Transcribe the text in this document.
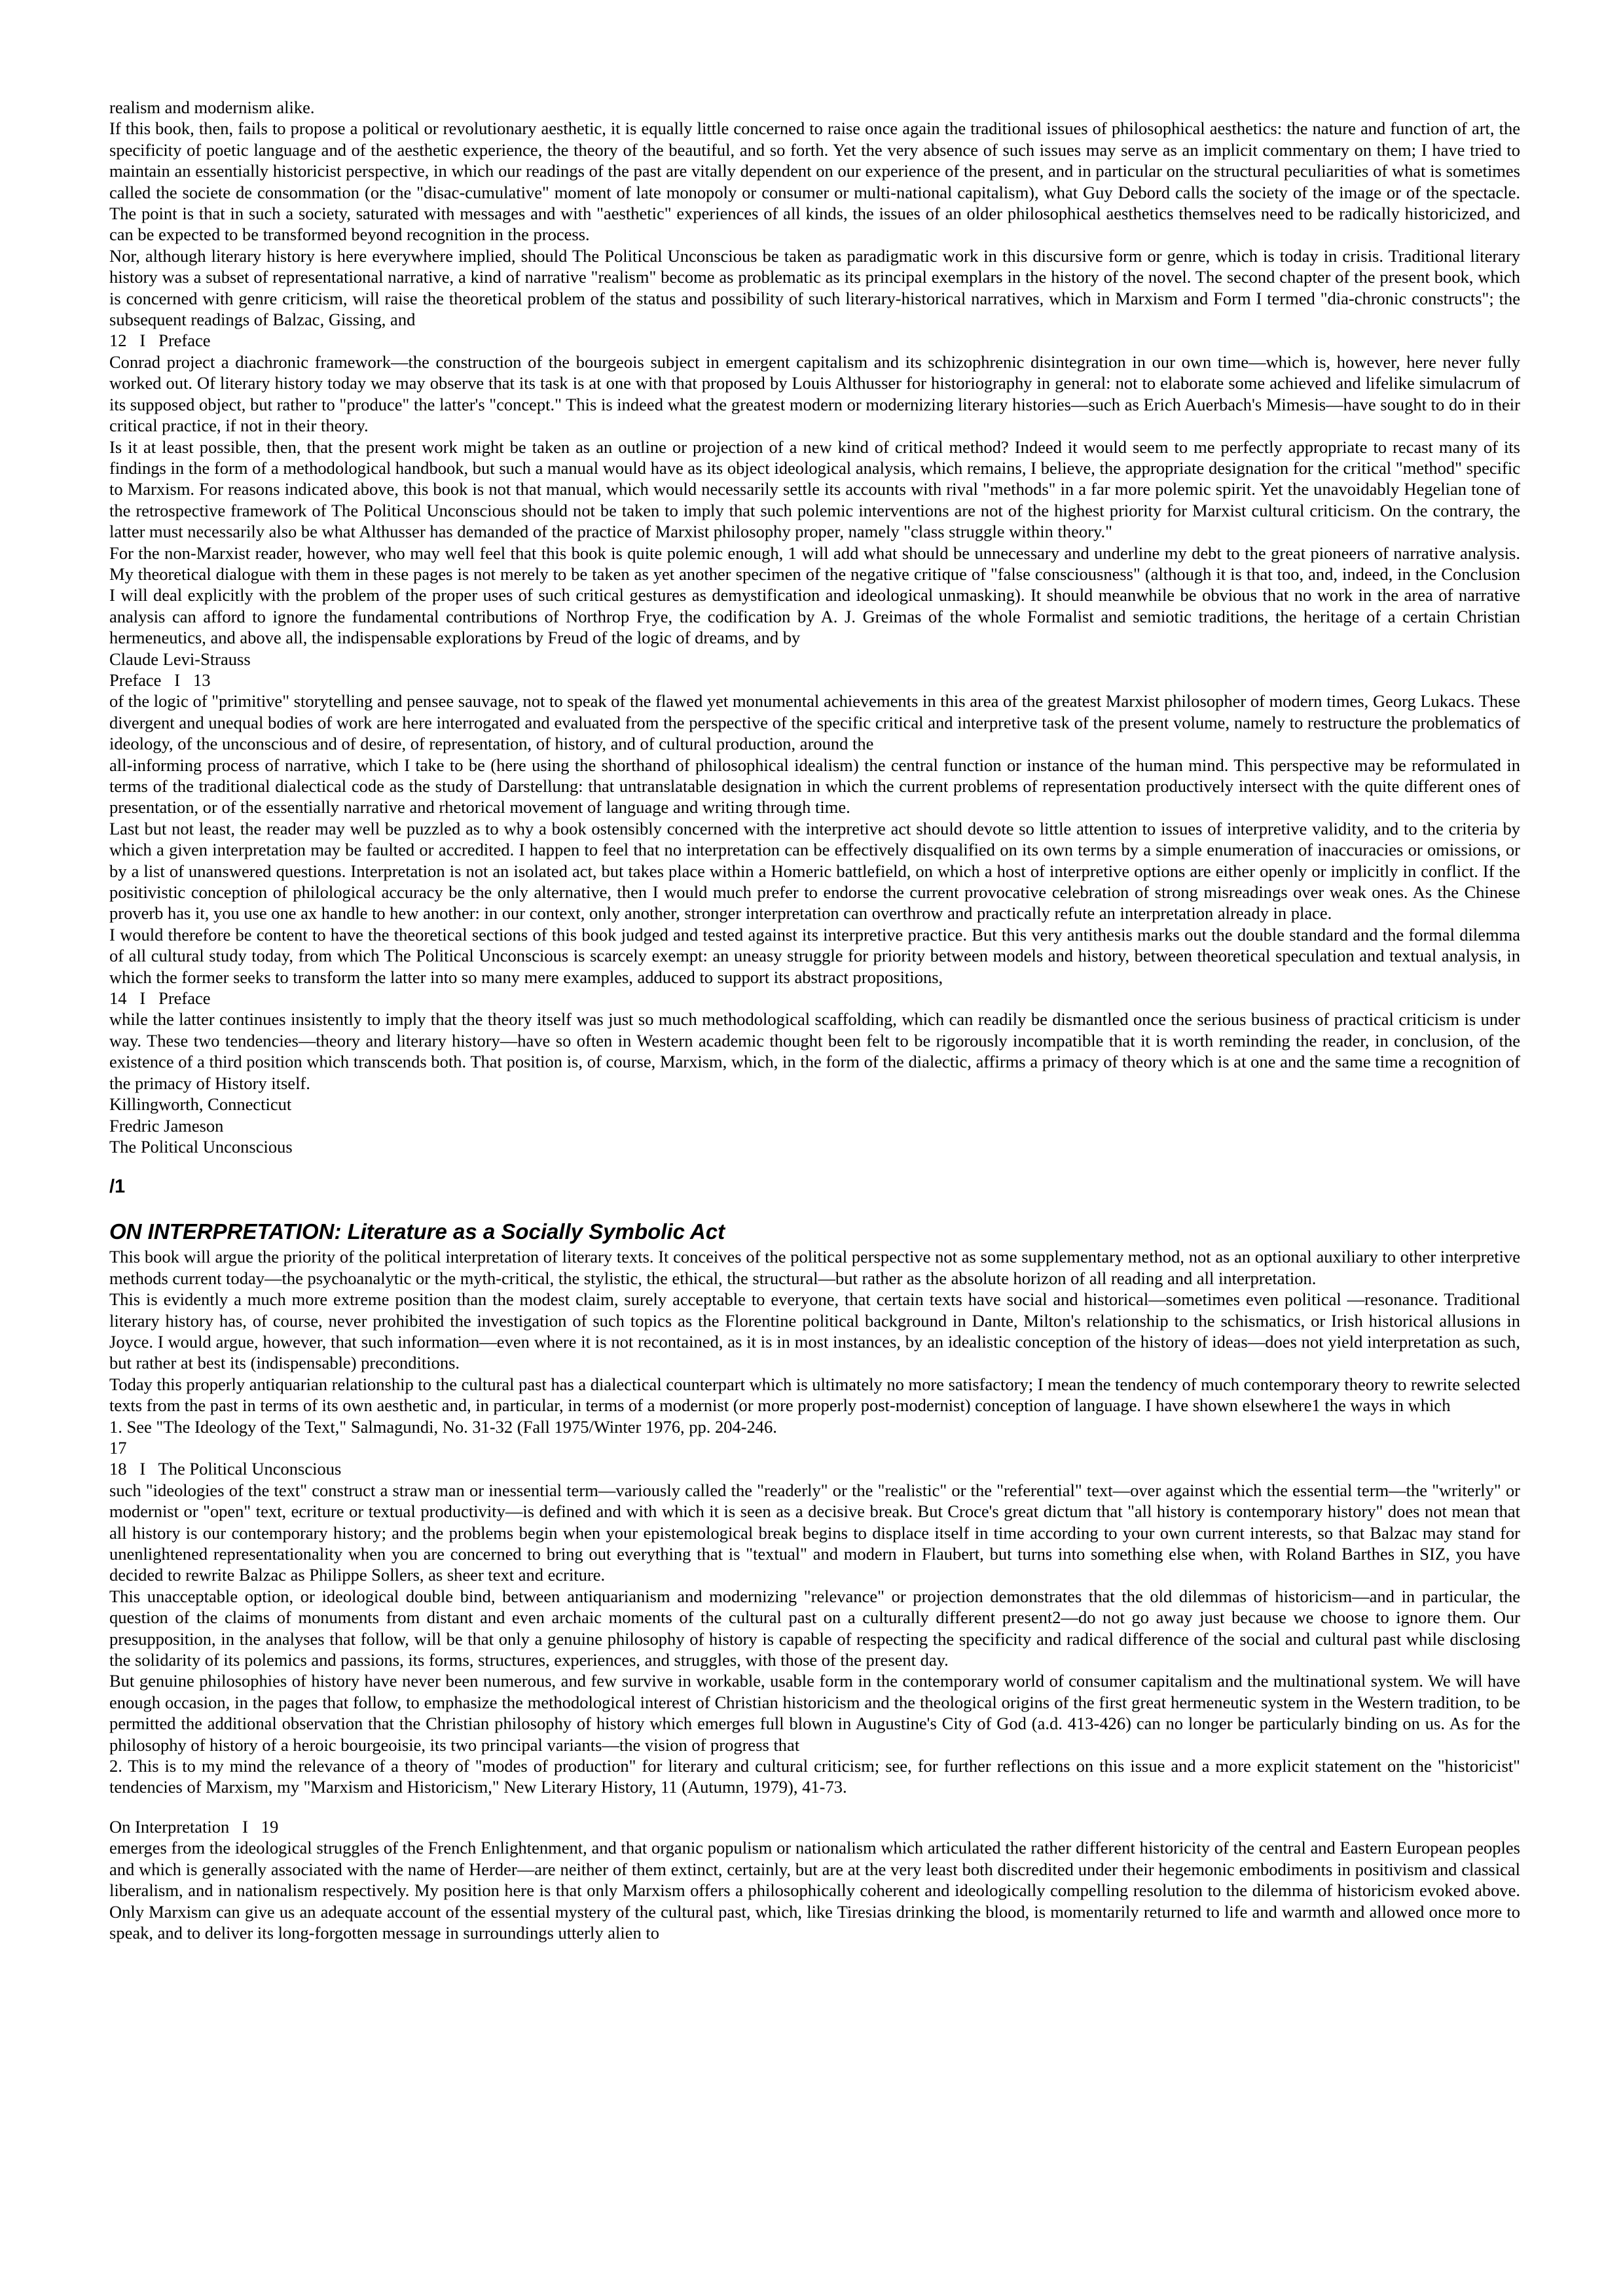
realism and modernism alike.

If this book, then, fails to propose a political or revolutionary aesthetic, it is equally little concerned to raise once again the traditional issues of philosophical aesthetics: the nature and function of art, the specificity of poetic language and of the aesthetic experience, the theory of the beautiful, and so forth. Yet the very absence of such issues may serve as an implicit commentary on them; I have tried to maintain an essentially historicist perspective, in which our readings of the past are vitally dependent on our experience of the present, and in particular on the structural peculiarities of what is sometimes called the societe de consommation (or the "disac-cumulative" moment of late monopoly or consumer or multi-national capitalism), what Guy Debord calls the society of the image or of the spectacle. The point is that in such a society, saturated with messages and with "aesthetic" experiences of all kinds, the issues of an older philosophical aesthetics themselves need to be radically historicized, and can be expected to be transformed beyond recognition in the process.

Nor, although literary history is here everywhere implied, should The Political Unconscious be taken as paradigmatic work in this discursive form or genre, which is today in crisis. Traditional literary history was a subset of representational narrative, a kind of narrative "realism" become as problematic as its principal exemplars in the history of the novel. The second chapter of the present book, which is concerned with genre criticism, will raise the theoretical problem of the status and possibility of such literary-historical narratives, which in Marxism and Form I termed "dia-chronic constructs"; the subsequent readings of Balzac, Gissing, and

12   I   Preface

Conrad project a diachronic framework—the construction of the bourgeois subject in emergent capitalism and its schizophrenic disintegration in our own time—which is, however, here never fully worked out. Of literary history today we may observe that its task is at one with that proposed by Louis Althusser for historiography in general: not to elaborate some achieved and lifelike simulacrum of its supposed object, but rather to "produce" the latter's "concept." This is indeed what the greatest modern or modernizing literary histories—such as Erich Auerbach's Mimesis—have sought to do in their critical practice, if not in their theory.

Is it at least possible, then, that the present work might be taken as an outline or projection of a new kind of critical method? Indeed it would seem to me perfectly appropriate to recast many of its findings in the form of a methodological handbook, but such a manual would have as its object ideological analysis, which remains, I believe, the appropriate designation for the critical "method" specific to Marxism. For reasons indicated above, this book is not that manual, which would necessarily settle its accounts with rival "methods" in a far more polemic spirit. Yet the unavoidably Hegelian tone of the retrospective framework of The Political Unconscious should not be taken to imply that such polemic interventions are not of the highest priority for Marxist cultural criticism. On the contrary, the latter must necessarily also be what Althusser has demanded of the practice of Marxist philosophy proper, namely "class struggle within theory."

For the non-Marxist reader, however, who may well feel that this book is quite polemic enough, 1 will add what should be unnecessary and underline my debt to the great pioneers of narrative analysis. My theoretical dialogue with them in these pages is not merely to be taken as yet another specimen of the negative critique of "false consciousness" (although it is that too, and, indeed, in the Conclusion I will deal explicitly with the problem of the proper uses of such critical gestures as demystification and ideological unmasking). It should meanwhile be obvious that no work in the area of narrative analysis can afford to ignore the fundamental contributions of Northrop Frye, the codification by A. J. Greimas of the whole Formalist and semiotic traditions, the heritage of a certain Christian hermeneutics, and above all, the indispensable explorations by Freud of the logic of dreams, and by

Claude Levi-Strauss

Preface   I   13

of the logic of "primitive" storytelling and pensee sauvage, not to speak of the flawed yet monumental achievements in this area of the greatest Marxist philosopher of modern times, Georg Lukacs. These divergent and unequal bodies of work are here interrogated and evaluated from the perspective of the specific critical and interpretive task of the present volume, namely to restructure the problematics of ideology, of the unconscious and of desire, of representation, of history, and of cultural production, around the

all-informing process of narrative, which I take to be (here using the shorthand of philosophical idealism) the central function or instance of the human mind. This perspective may be reformulated in terms of the traditional dialectical code as the study of Darstellung: that untranslatable designation in which the current problems of representation productively intersect with the quite different ones of presentation, or of the essentially narrative and rhetorical movement of language and writing through time.

Last but not least, the reader may well be puzzled as to why a book ostensibly concerned with the interpretive act should devote so little attention to issues of interpretive validity, and to the criteria by which a given interpretation may be faulted or accredited. I happen to feel that no interpretation can be effectively disqualified on its own terms by a simple enumeration of inaccuracies or omissions, or by a list of unanswered questions. Interpretation is not an isolated act, but takes place within a Homeric battlefield, on which a host of interpretive options are either openly or implicitly in conflict. If the positivistic conception of philological accuracy be the only alternative, then I would much prefer to endorse the current provocative celebration of strong misreadings over weak ones. As the Chinese proverb has it, you use one ax handle to hew another: in our context, only another, stronger interpretation can overthrow and practically refute an interpretation already in place.

I would therefore be content to have the theoretical sections of this book judged and tested against its interpretive practice. But this very antithesis marks out the double standard and the formal dilemma of all cultural study today, from which The Political Unconscious is scarcely exempt: an uneasy struggle for priority between models and history, between theoretical speculation and textual analysis, in which the former seeks to transform the latter into so many mere examples, adduced to support its abstract propositions,

14   I   Preface

while the latter continues insistently to imply that the theory itself was just so much methodological scaffolding, which can readily be dismantled once the serious business of practical criticism is under way. These two tendencies—theory and literary history—have so often in Western academic thought been felt to be rigorously incompatible that it is worth reminding the reader, in conclusion, of the existence of a third position which transcends both. That position is, of course, Marxism, which, in the form of the dialectic, affirms a primacy of theory which is at one and the same time a recognition of the primacy of History itself.

Killingworth, Connecticut

Fredric Jameson

The Political Unconscious

/1
ON INTERPRETATION: Literature as a Socially Symbolic Act

This book will argue the priority of the political interpretation of literary texts. It conceives of the political perspective not as some supplementary method, not as an optional auxiliary to other interpretive methods current today—the psychoanalytic or the myth-critical, the stylistic, the ethical, the structural—but rather as the absolute horizon of all reading and all interpretation.

This is evidently a much more extreme position than the modest claim, surely acceptable to everyone, that certain texts have social and historical—sometimes even political —resonance. Traditional literary history has, of course, never prohibited the investigation of such topics as the Florentine political background in Dante, Milton's relationship to the schismatics, or Irish historical allusions in Joyce. I would argue, however, that such information—even where it is not recontained, as it is in most instances, by an idealistic conception of the history of ideas—does not yield interpretation as such, but rather at best its (indispensable) preconditions.

Today this properly antiquarian relationship to the cultural past has a dialectical counterpart which is ultimately no more satisfactory; I mean the tendency of much contemporary theory to rewrite selected texts from the past in terms of its own aesthetic and, in particular, in terms of a modernist (or more properly post-modernist) conception of language. I have shown elsewhere1 the ways in which

1. See "The Ideology of the Text," Salmagundi, No. 31-32 (Fall 1975/Winter 1976, pp. 204-246.

17

18   I   The Political Unconscious

such "ideologies of the text" construct a straw man or inessential term—variously called the "readerly" or the "realistic" or the "referential" text—over against which the essential term—the "writerly" or modernist or "open" text, ecriture or textual productivity—is defined and with which it is seen as a decisive break. But Croce's great dictum that "all history is contemporary history" does not mean that all history is our contemporary history; and the problems begin when your epistemological break begins to displace itself in time according to your own current interests, so that Balzac may stand for unenlightened representationality when you are concerned to bring out everything that is "textual" and modern in Flaubert, but turns into something else when, with Roland Barthes in SIZ, you have decided to rewrite Balzac as Philippe Sollers, as sheer text and ecriture.

This unacceptable option, or ideological double bind, between antiquarianism and modernizing "relevance" or projection demonstrates that the old dilemmas of historicism—and in particular, the question of the claims of monuments from distant and even archaic moments of the cultural past on a culturally different present2—do not go away just because we choose to ignore them. Our presupposition, in the analyses that follow, will be that only a genuine philosophy of history is capable of respecting the specificity and radical difference of the social and cultural past while disclosing the solidarity of its polemics and passions, its forms, structures, experiences, and struggles, with those of the present day.

But genuine philosophies of history have never been numerous, and few survive in workable, usable form in the contemporary world of consumer capitalism and the multinational system. We will have enough occasion, in the pages that follow, to emphasize the methodological interest of Christian historicism and the theological origins of the first great hermeneutic system in the Western tradition, to be permitted the additional observation that the Christian philosophy of history which emerges full blown in Augustine's City of God (a.d. 413-426) can no longer be particularly binding on us. As for the philosophy of history of a heroic bourgeoisie, its two principal variants—the vision of progress that

2. This is to my mind the relevance of a theory of "modes of production" for literary and cultural criticism; see, for further reflections on this issue and a more explicit statement on the "historicist" tendencies of Marxism, my "Marxism and Historicism," New Literary History, 11 (Autumn, 1979), 41-73.

On Interpretation   I   19

emerges from the ideological struggles of the French Enlightenment, and that organic populism or nationalism which articulated the rather different historicity of the central and Eastern European peoples and which is generally associated with the name of Herder—are neither of them extinct, certainly, but are at the very least both discredited under their hegemonic embodiments in positivism and classical liberalism, and in nationalism respectively. My position here is that only Marxism offers a philosophically coherent and ideologically compelling resolution to the dilemma of historicism evoked above. Only Marxism can give us an adequate account of the essential mystery of the cultural past, which, like Tiresias drinking the blood, is momentarily returned to life and warmth and allowed once more to speak, and to deliver its long-forgotten message in surroundings utterly alien to
